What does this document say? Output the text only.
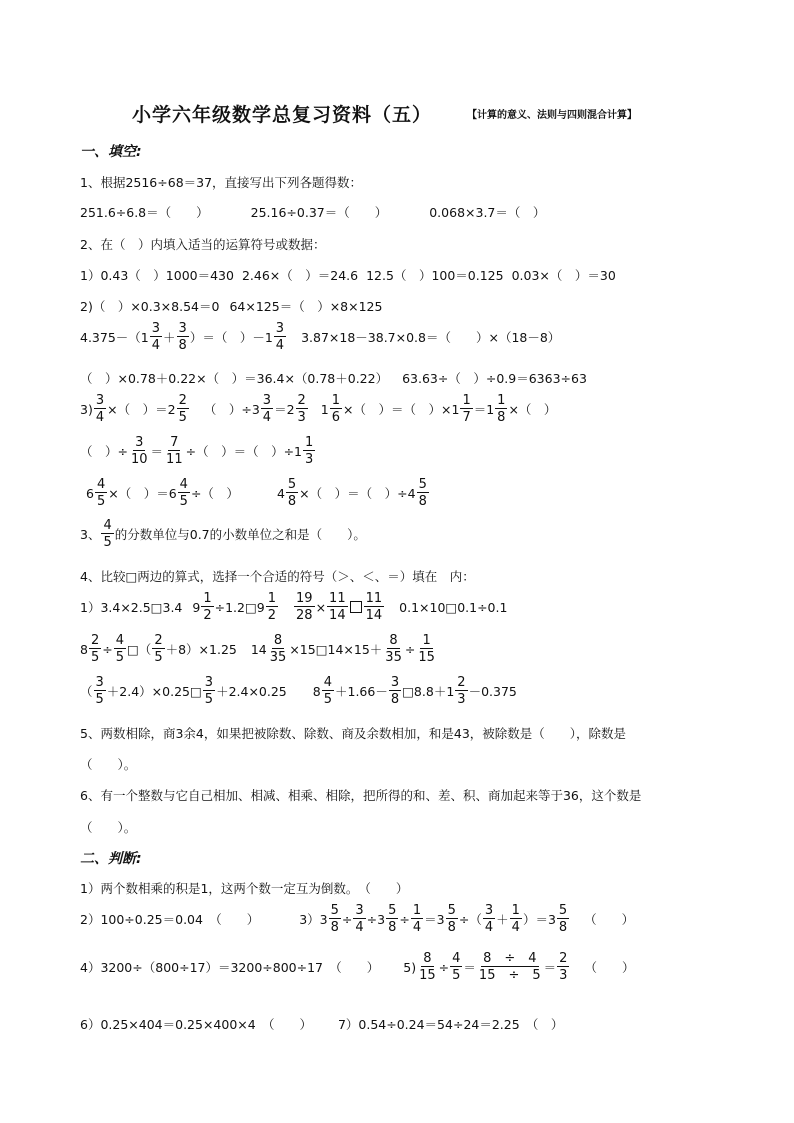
小学六年级数学总复习资料（五）	【计算的意义、法则与四则混合计算】
一、填空:
1、根据2516÷68＝37，直接写出下列各题得数：
251.6÷6.8＝（　　）	25.16÷0.37＝（　　）	0.068×3.7＝（　）
2、在（　）内填入适当的运算符号或数据：
1）0.43（　）1000＝430 2.46×（　）＝24.6 12.5（　）100＝0.125 0.03×（　）＝30
2)（　）×0.3×8.54＝0 64×125＝（　）×8×125
$4.375-(1 \frac{3}{4} + \frac{3}{8}$ ）＝（　）$-1 \frac{3}{4} 3.87\times 18-38.7\times 0.8=$（　　）×（18－8）
（　）×0.78＋0.22×（　）＝36.4×（0.78＋0.22） 63.63÷（　）÷0.9＝6363÷63
$3) \frac{3}{4}$ ×（　）$=2 \frac{2}{5}$ （　）$\div 3 \frac{3}{4} =2 \frac{2}{3} 1 \frac{1}{6}$ ×（　）＝（　）$\times 1 \frac{1}{7} =1 \frac{1}{8}$ ×（　）
（　）÷ $\frac{3}{10} = \frac{7}{11}$ ÷（　）＝（　）$\div 1 \frac{1}{3}$
$6 \frac{4}{5}$ ×（　）$=6 \frac{4}{5}$ ÷（　）	$4 \frac{5}{8}$ ×（　）＝（　）$\div 4 \frac{5}{8}$
3、 $\frac{4}{5}$ 的分数单位与0.7的小数单位之和是（　　）。
4、比较□两边的算式，选择一个合适的符号（＞、＜、＝）填在　内：
1）3.4×2.5□3.4 $9 \frac{1}{2}$ ÷1.2□9 $\frac{1}{2} \frac{19}{28} \times \frac{11}{14} \frac{11}{14}$ 0.1×10□0.1÷0.1
$8 \frac{2}{5} \div \frac{4}{5}$ □（ $\frac{2}{5} +8)\times 1.25$ $14 \frac{8}{35}$ ×15□14×15＋ $\frac{8}{35} \div \frac{1}{15}$
（ $\frac{3}{5}$ ＋2.4）×0.25□ $\frac{3}{5} +2.4\times 0.25$ $8 \frac{4}{5} +1.66- \frac{3}{8}$ □8.8＋1 $\frac{2}{3} -0.375$
5、两数相除，商3余4，如果把被除数、除数、商及余数相加，和是43，被除数是（　　），除数是
（　　）。
6、有一个整数与它自己相加、相减、相乘、相除，把所得的和、差、积、商加起来等于36，这个数是
（　　）。
二、判断:
1）两个数相乘的积是1，这两个数一定互为倒数。　（　　）
2）100÷0.25＝0.04　（　　）	$3)3 \frac{5}{8} \div \frac{3}{4} \div 3 \frac{5}{8} \div \frac{1}{4} =3 \frac{5}{8}$ ÷（ $\frac{3}{4} + \frac{1}{4} )=3 \frac{5}{8}$ （　　）
4）3200÷（800÷17）＝3200÷800÷17　（　　） $5) \frac{8}{15} \div \frac{4}{5} = \frac{8 \div 4}{15 \div 5} = \frac{2}{3}$ （　　）
6）0.25×404＝0.25×400×4　（　　） 7）0.54÷0.24＝54÷24＝2.25　（　）
